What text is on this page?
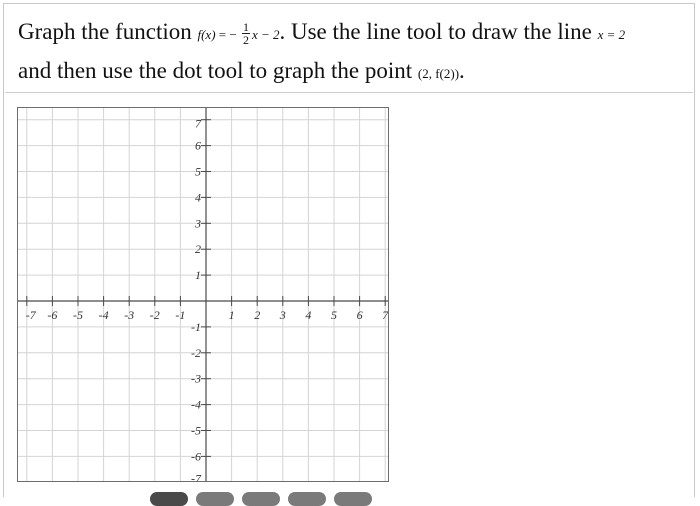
Graph the function f(x) = − $\frac{1}{2}$ x − 2. Use the line tool to draw the line x = 2
and then use the dot tool to graph the point (2, f(2)).
-7 -6 -5 -4 -3 -2 -1	1 2 3 4 5 6 7
7
6
5
4
3
2
1
-1
-2
-3
-4
-5
-6
-7
